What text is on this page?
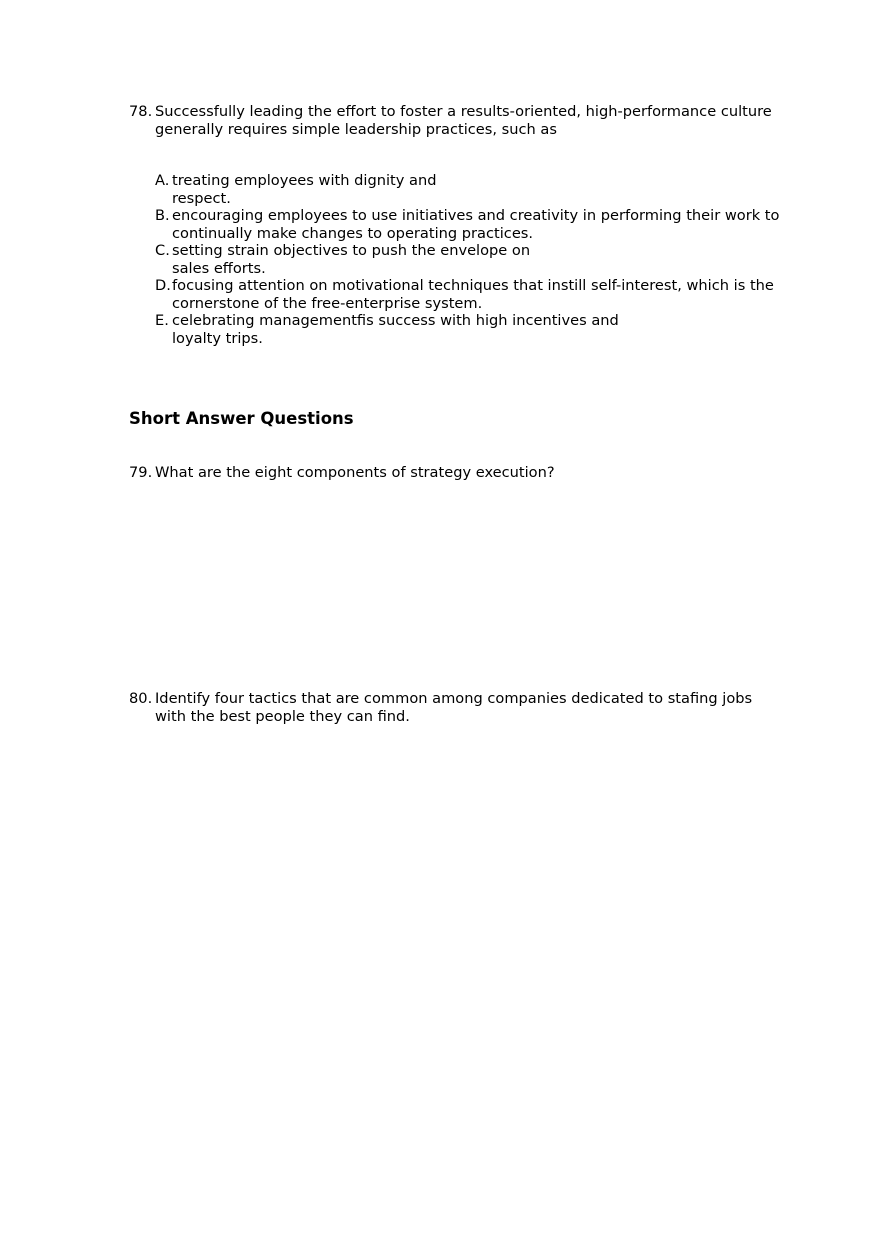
78. Successfully leading the effort to foster a results-oriented, high-performance culture generally requires simple leadership practices, such as
A. treating employees with dignity and respect.
B. encouraging employees to use initiatives and creativity in performing their work to continually make changes to operating practices.
C. setting strain objectives to push the envelope on sales efforts.
D. focusing attention on motivational techniques that instill self-interest, which is the cornerstone of the free-enterprise system.
E. celebrating managementﬁs success with high incentives and loyalty trips.
Short Answer Questions
79. What are the eight components of strategy execution?
80. Identify four tactics that are common among companies dedicated to staﬁng jobs with the best people they can find.
